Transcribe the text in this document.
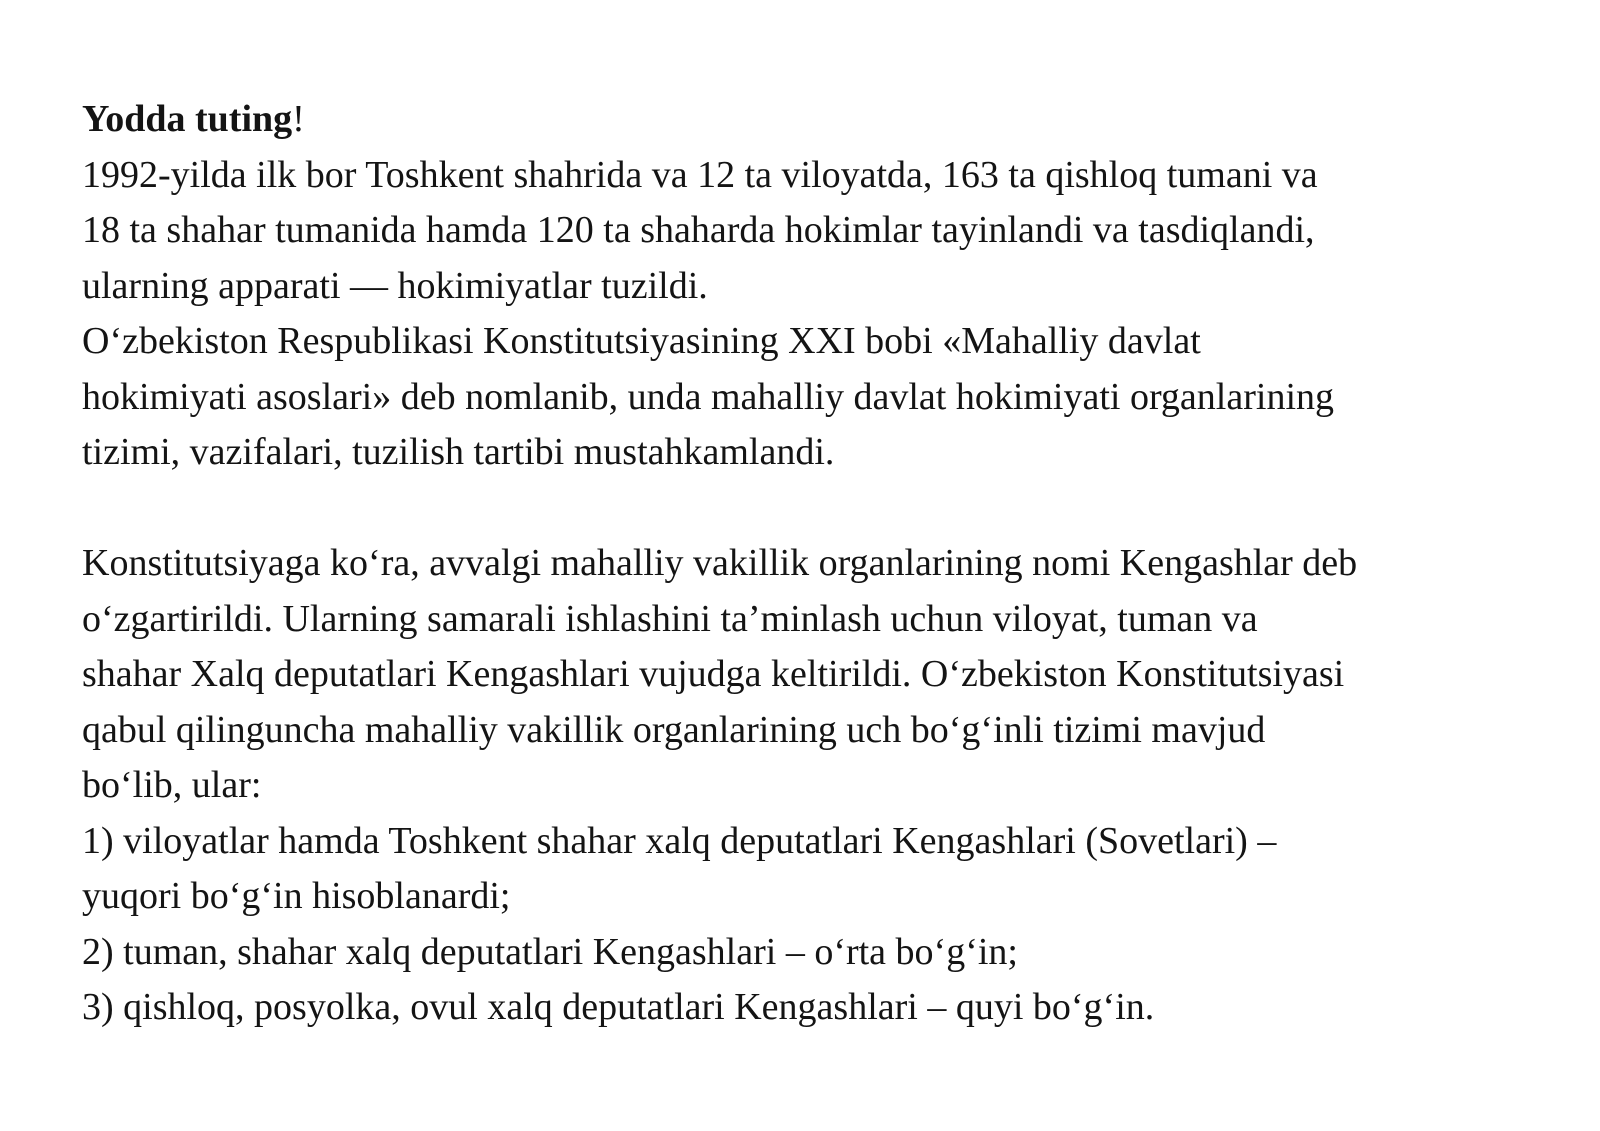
Yodda tuting!
1992-yilda ilk bor Toshkent shahrida va 12 ta viloyatda, 163 ta qishloq tumani va
18 ta shahar tumanida hamda 120 ta shaharda hokimlar tayinlandi va tasdiqlandi,
ularning apparati — hokimiyatlar tuzildi.
O‘zbekiston Respublikasi Konstitutsiyasining XXI bobi «Mahalliy davlat
hokimiyati asoslari» deb nomlanib, unda mahalliy davlat hokimiyati organlarining
tizimi, vazifalari, tuzilish tartibi mustahkamlandi.
Konstitutsiyaga ko‘ra, avvalgi mahalliy vakillik organlarining nomi Kengashlar deb
o‘zgartirildi. Ularning samarali ishlashini ta’minlash uchun viloyat, tuman va
shahar Xalq deputatlari Kengashlari vujudga keltirildi. O‘zbekiston Konstitutsiyasi
qabul qilinguncha mahalliy vakillik organlarining uch bo‘g‘inli tizimi mavjud
bo‘lib, ular:
1) viloyatlar hamda Toshkent shahar xalq deputatlari Kengashlari (Sovetlari) –
yuqori bo‘g‘in hisoblanardi;
2) tuman, shahar xalq deputatlari Kengashlari – o‘rta bo‘g‘in;
3) qishloq, posyolka, ovul xalq deputatlari Kengashlari – quyi bo‘g‘in.
